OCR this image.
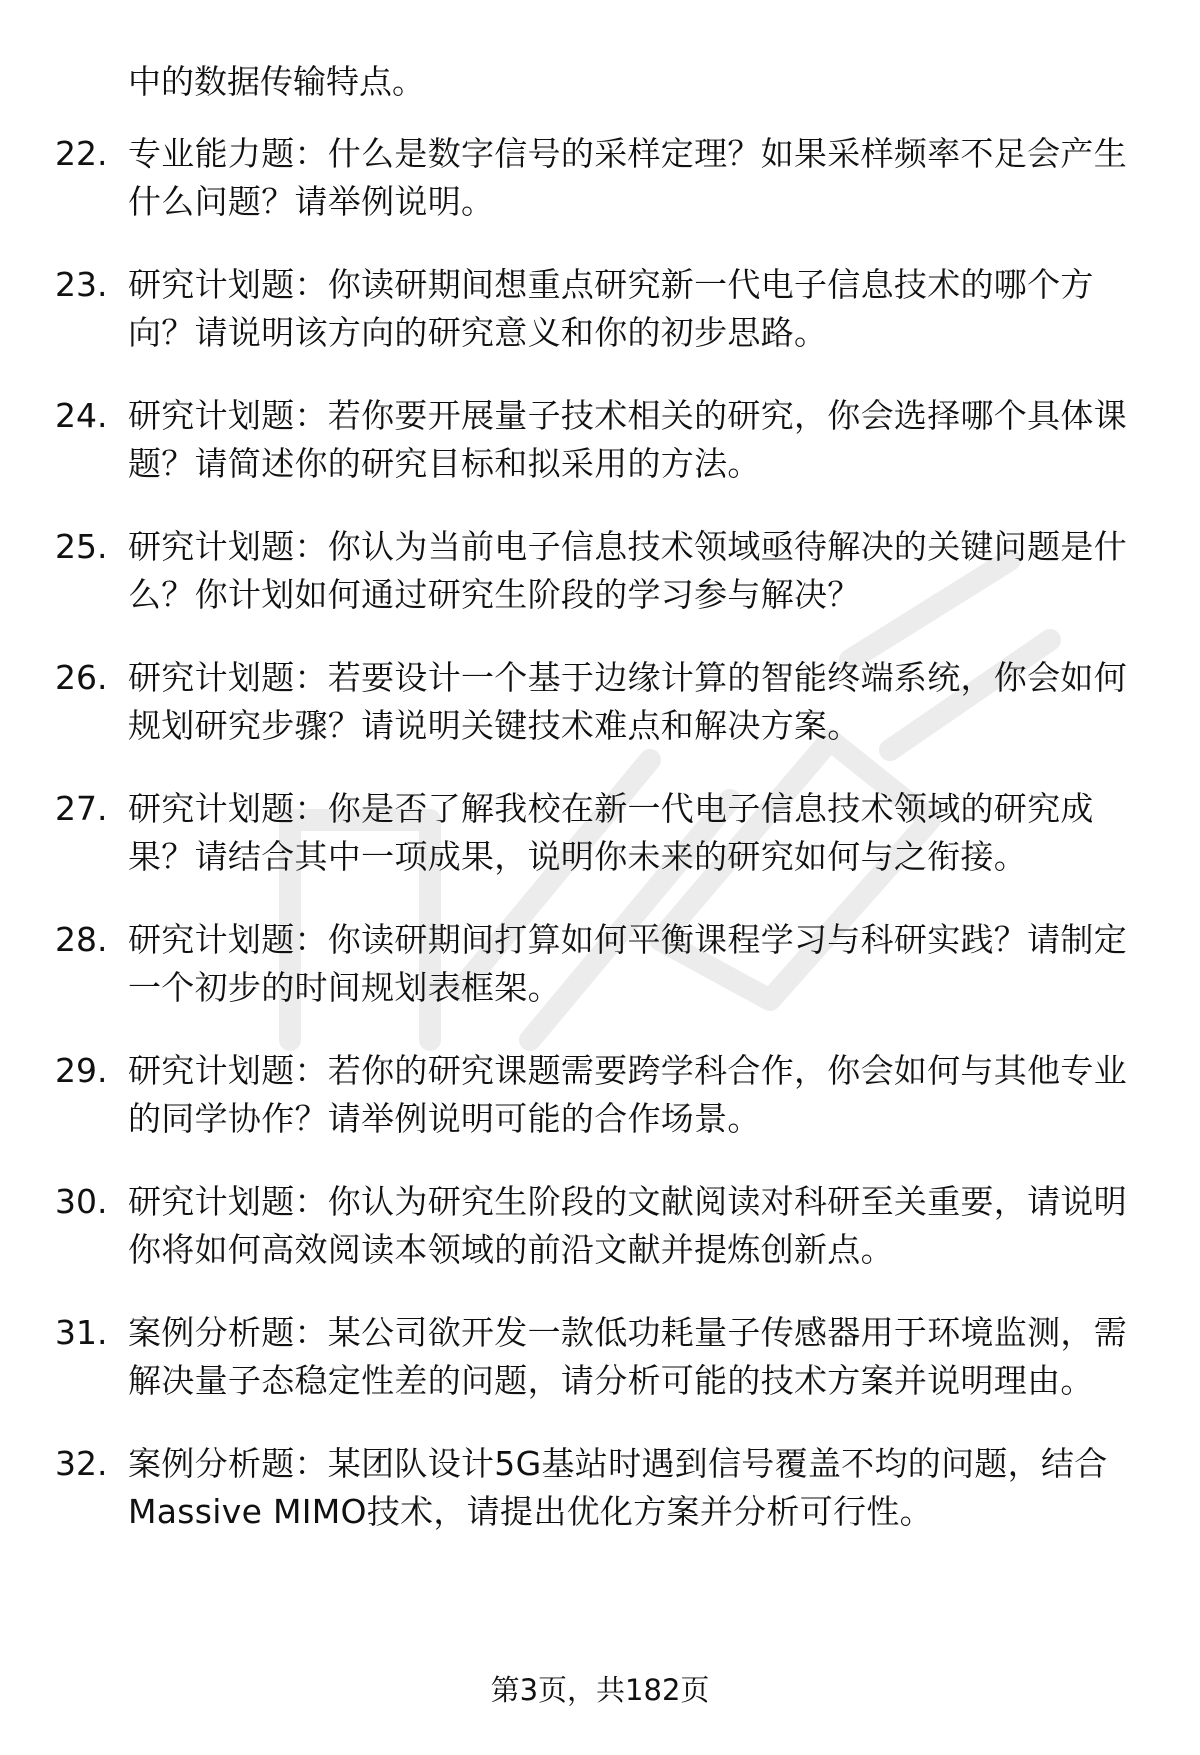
中的数据传输特点。
22. 专业能力题：什么是数字信号的采样定理？如果采样频率不足会产生什么问题？请举例说明。
23. 研究计划题：你读研期间想重点研究新一代电子信息技术的哪个方向？请说明该方向的研究意义和你的初步思路。
24. 研究计划题：若你要开展量子技术相关的研究，你会选择哪个具体课题？请简述你的研究目标和拟采用的方法。
25. 研究计划题：你认为当前电子信息技术领域亟待解决的关键问题是什么？你计划如何通过研究生阶段的学习参与解决？
26. 研究计划题：若要设计一个基于边缘计算的智能终端系统，你会如何规划研究步骤？请说明关键技术难点和解决方案。
27. 研究计划题：你是否了解我校在新一代电子信息技术领域的研究成果？请结合其中一项成果，说明你未来的研究如何与之衔接。
28. 研究计划题：你读研期间打算如何平衡课程学习与科研实践？请制定一个初步的时间规划表框架。
29. 研究计划题：若你的研究课题需要跨学科合作，你会如何与其他专业的同学协作？请举例说明可能的合作场景。
30. 研究计划题：你认为研究生阶段的文献阅读对科研至关重要，请说明你将如何高效阅读本领域的前沿文献并提炼创新点。
31. 案例分析题：某公司欲开发一款低功耗量子传感器用于环境监测，需解决量子态稳定性差的问题，请分析可能的技术方案并说明理由。
32. 案例分析题：某团队设计5G基站时遇到信号覆盖不均的问题，结合Massive MIMO技术，请提出优化方案并分析可行性。
第3页，共182页
